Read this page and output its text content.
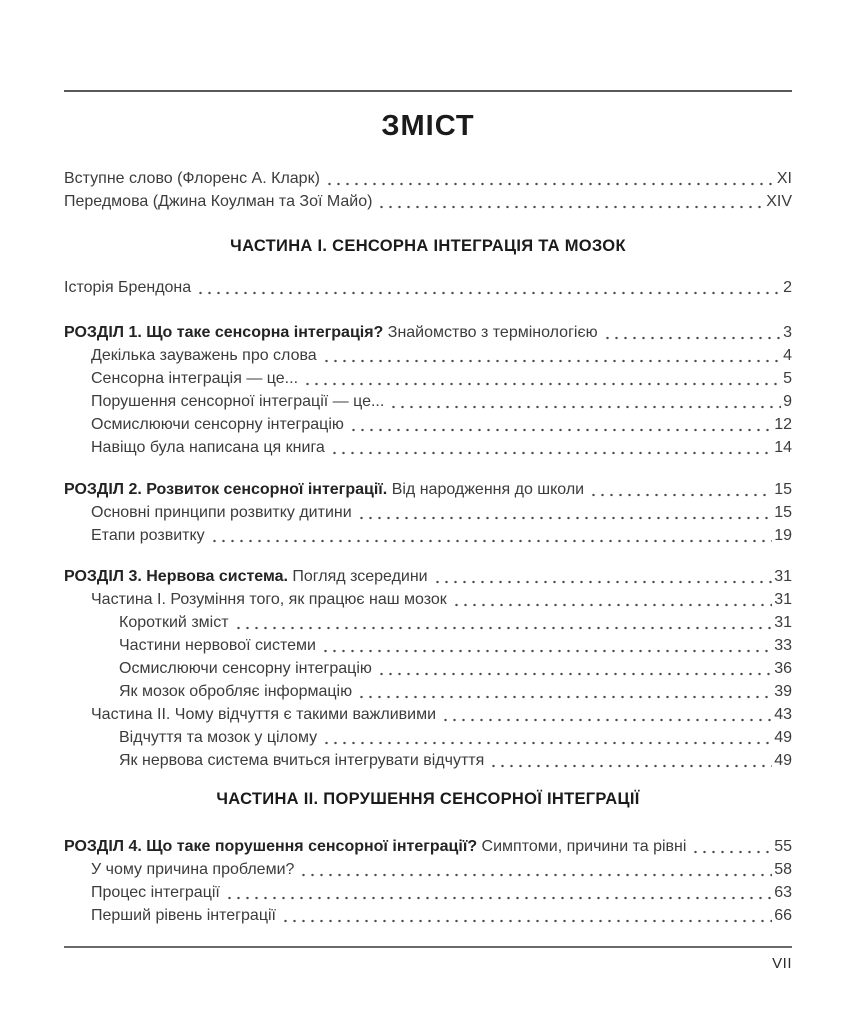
ЗМІСТ
Вступне слово (Флоренс А. Кларк)	XI
Передмова (Джина Коулман та Зої Майо)	XIV
ЧАСТИНА І. СЕНСОРНА ІНТЕГРАЦІЯ ТА МОЗОК
Історія Брендона	2
РОЗДІЛ 1. Що таке сенсорна інтеграція? Знайомство з термінологією	3
Декілька зауважень про слова	4
Сенсорна інтеграція — це...	5
Порушення сенсорної інтеграції — це...	9
Осмислюючи сенсорну інтеграцію	12
Навіщо була написана ця книга	14
РОЗДІЛ 2. Розвиток сенсорної інтеграції. Від народження до школи	15
Основні принципи розвитку дитини	15
Етапи розвитку	19
РОЗДІЛ 3. Нервова система. Погляд зсередини	31
Частина І. Розуміння того, як працює наш мозок	31
Короткий зміст	31
Частини нервової системи	33
Осмислюючи сенсорну інтеграцію	36
Як мозок обробляє інформацію	39
Частина ІІ. Чому відчуття є такими важливими	43
Відчуття та мозок у цілому	49
Як нервова система вчиться інтегрувати відчуття	49
ЧАСТИНА ІІ. ПОРУШЕННЯ СЕНСОРНОЇ ІНТЕГРАЦІЇ
РОЗДІЛ 4. Що таке порушення сенсорної інтеграції? Симптоми, причини та рівні	55
У чому причина проблеми?	58
Процес інтеграції	63
Перший рівень інтеграції	66
VII
